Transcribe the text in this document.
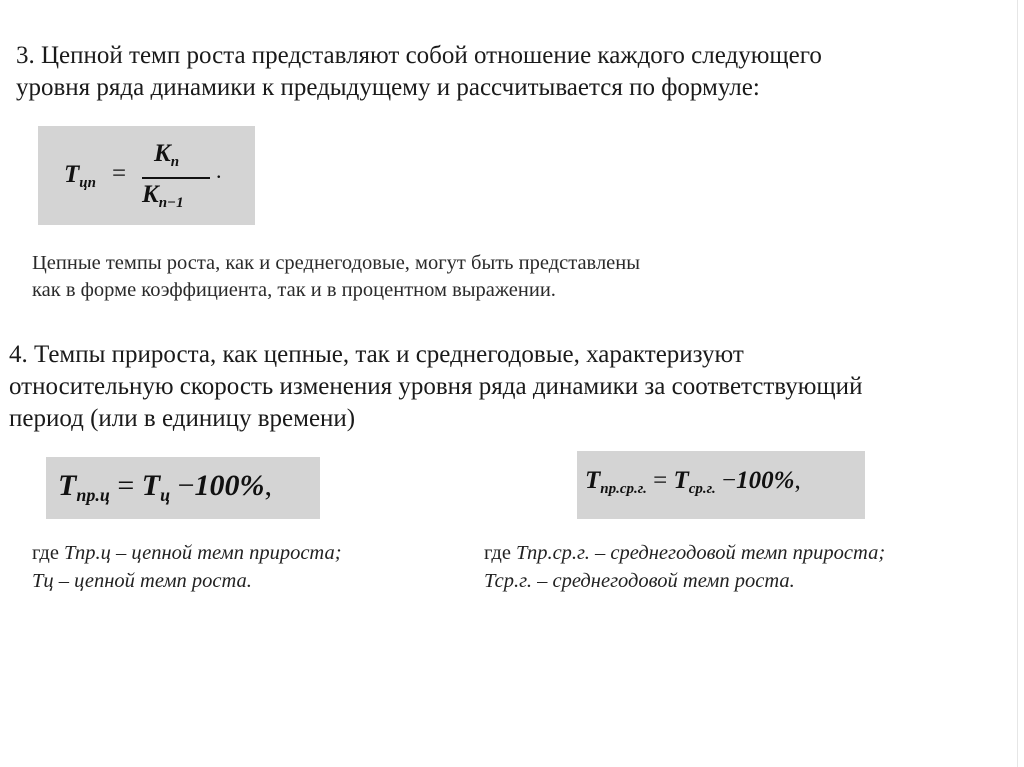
3. Цепной темп роста представляют собой отношение каждого следующего
уровня ряда динамики к предыдущему и рассчитывается по формуле:
$T_{цп}$ =
$K_n$
$K_{n-1}$
.
Цепные темпы роста, как и среднегодовые, могут быть представлены
как в форме коэффициента, так и в процентном выражении.
4. Темпы прироста, как цепные, так и среднегодовые, характеризуют
относительную скорость изменения уровня ряда динамики за соответствующий
период (или в единицу времени)
$T_{пр.ц} = T_ц -100\%$,	$T_{пр.ср.г.} = T_{ср.г.} -100\%$,
где Тпр.ц – цепной темп прироста;
Тц – цепной темп роста.
где Тпр.ср.г. – среднегодовой темп прироста;
Тср.г. – среднегодовой темп роста.
